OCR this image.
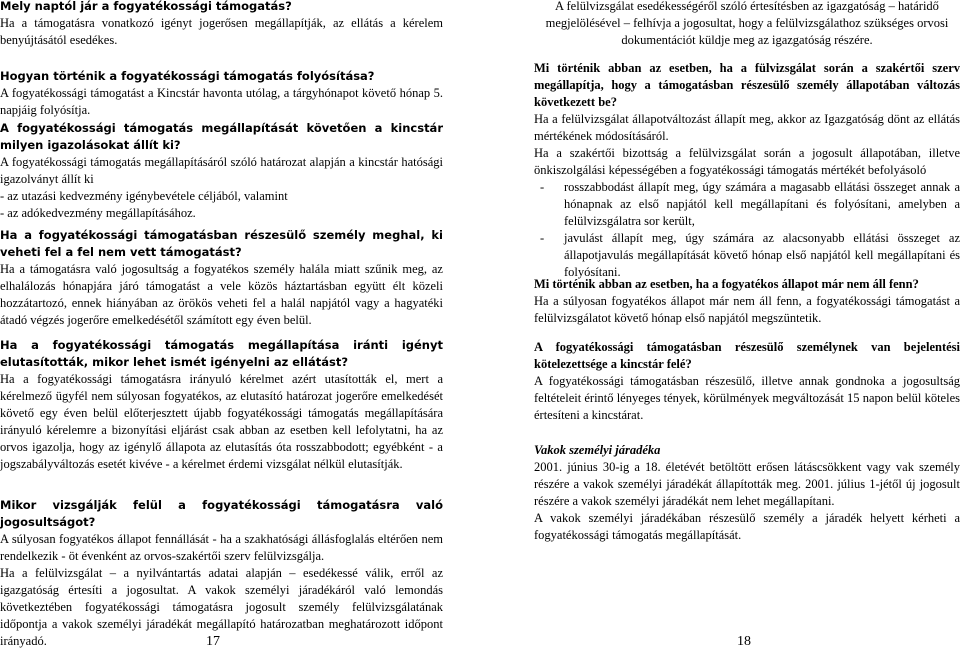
Mely naptól jár a fogyatékossági támogatás?

Ha a támogatásra vonatkozó igényt jogerősen megállapítják, az ellátás a kérelem benyújtásától esedékes.

Hogyan történik a fogyatékossági támogatás folyósítása?

A fogyatékossági támogatást a Kincstár havonta utólag, a tárgyhónapot követő hónap 5. napjáig folyósítja.

A fogyatékossági támogatás megállapítását követően a kincstár milyen igazolásokat állít ki?

A fogyatékossági támogatás megállapításáról szóló határozat alapján a kincstár hatósági igazolványt állít ki

- az utazási kedvezmény igénybevétele céljából, valamint

- az adókedvezmény megállapításához.

Ha a fogyatékossági támogatásban részesülő személy meghal, ki veheti fel a fel nem vett támogatást?

Ha a támogatásra való jogosultság a fogyatékos személy halála miatt szűnik meg, az elhalálozás hónapjára járó támogatást a vele közös háztartásban együtt élt közeli hozzátartozó, ennek hiányában az örökös veheti fel a halál napjától vagy a hagyatéki átadó végzés jogerőre emelkedésétől számított egy éven belül.

Ha a fogyatékossági támogatás megállapítása iránti igényt elutasították, mikor lehet ismét igényelni az ellátást?

Ha a fogyatékossági támogatásra irányuló kérelmet azért utasították el, mert a kérelmező ügyfél nem súlyosan fogyatékos, az elutasító határozat jogerőre emelkedését követő egy éven belül előterjesztett újabb fogyatékossági támogatás megállapítására irányuló kérelemre a bizonyítási eljárást csak abban az esetben kell lefolytatni, ha az orvos igazolja, hogy az igénylő állapota az elutasítás óta rosszabbodott; egyébként - a jogszabályváltozás esetét kivéve - a kérelmet érdemi vizsgálat nélkül elutasítják.

Mikor vizsgálják felül a fogyatékossági támogatásra való jogosultságot?

A súlyosan fogyatékos állapot fennállását - ha a szakhatósági állásfoglalás eltérően nem rendelkezik - öt évenként az orvos-szakértői szerv felülvizsgálja.

Ha a felülvizsgálat – a nyilvántartás adatai alapján – esedékessé válik, erről az igazgatóság értesíti a jogosultat. A vakok személyi járadékáról való lemondás következtében fogyatékossági támogatásra jogosult személy felülvizsgálatának időpontja a vakok személyi járadékát megállapító határozatban meghatározott időpont irányadó.	17

A felülvizsgálat esedékességéről szóló értesítésben az igazgatóság – határidő megjelölésével – felhívja a jogosultat, hogy a felülvizsgálathoz szükséges orvosi dokumentációt küldje meg az igazgatóság részére.

Mi történik abban az esetben, ha a fülvizsgálat során a szakértői szerv megállapítja, hogy a támogatásban részesülő személy állapotában változás következett be?

Ha a felülvizsgálat állapotváltozást állapít meg, akkor az Igazgatóság dönt az ellátás mértékének módosításáról.

Ha a szakértői bizottság a felülvizsgálat során a jogosult állapotában, illetve önkiszolgálási képességében a fogyatékossági támogatás mértékét befolyásoló

- rosszabbodást állapít meg, úgy számára a magasabb ellátási összeget annak a hónapnak az első napjától kell megállapítani és folyósítani, amelyben a felülvizsgálatra sor került,
- javulást állapít meg, úgy számára az alacsonyabb ellátási összeget az állapotjavulás megállapítását követő hónap első napjától kell megállapítani és folyósítani.

Mi történik abban az esetben, ha a fogyatékos állapot már nem áll fenn?

Ha a súlyosan fogyatékos állapot már nem áll fenn, a fogyatékossági támogatást a felülvizsgálatot követő hónap első napjától megszüntetik.

A fogyatékossági támogatásban részesülő személynek van bejelentési kötelezettsége a kincstár felé?

A fogyatékossági támogatásban részesülő, illetve annak gondnoka a jogosultság feltételeit érintő lényeges tények, körülmények megváltozását 15 napon belül köteles értesíteni a kincstárat.

Vakok személyi járadéka

2001. június 30-ig a 18. életévét betöltött erősen látáscsökkent vagy vak személy részére a vakok személyi járadékát állapították meg. 2001. július 1-jétől új jogosult részére a vakok személyi járadékát nem lehet megállapítani.

A vakok személyi járadékában részesülő személy a járadék helyett kérheti a fogyatékossági támogatás megállapítását.

18
